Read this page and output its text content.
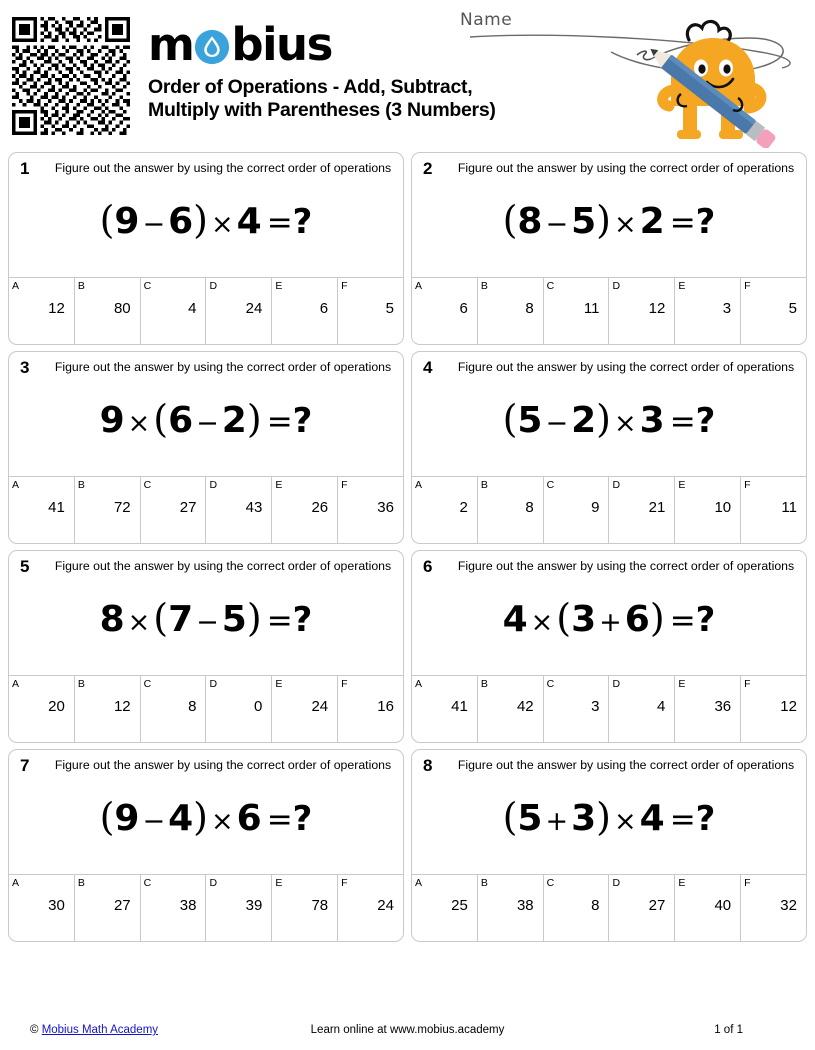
m bius
Order of Operations - Add, Subtract,
Multiply with Parentheses (3 Numbers)
Name
1	Figure out the answer by using the correct order of operations
(9 −6) ×4 =?
A
12
B
80
C
4
D
24
E
6
F
5
2	Figure out the answer by using the correct order of operations
(8 −5) ×2 =?
A
6
B
8
C
11
D
12
E
3
F
5
3	Figure out the answer by using the correct order of operations
9 ×(6 −2) =?
A
41
B
72
C
27
D
43
E
26
F
36
4	Figure out the answer by using the correct order of operations
(5 −2) ×3 =?
A
2
B
8
C
9
D
21
E
10
F
11
5	Figure out the answer by using the correct order of operations
8 ×(7 −5) =?
A
20
B
12
C
8
D
0
E
24
F
16
6	Figure out the answer by using the correct order of operations
4 ×(3 +6) =?
A
41
B
42
C
3
D
4
E
36
F
12
7	Figure out the answer by using the correct order of operations
(9 −4) ×6 =?
A
30
B
27
C
38
D
39
E
78
F
24
8	Figure out the answer by using the correct order of operations
(5 +3) ×4 =?
A
25
B
38
C
8
D
27
E
40
F
32
© Mobius Math Academy	Learn online at www.mobius.academy	1 of 1
